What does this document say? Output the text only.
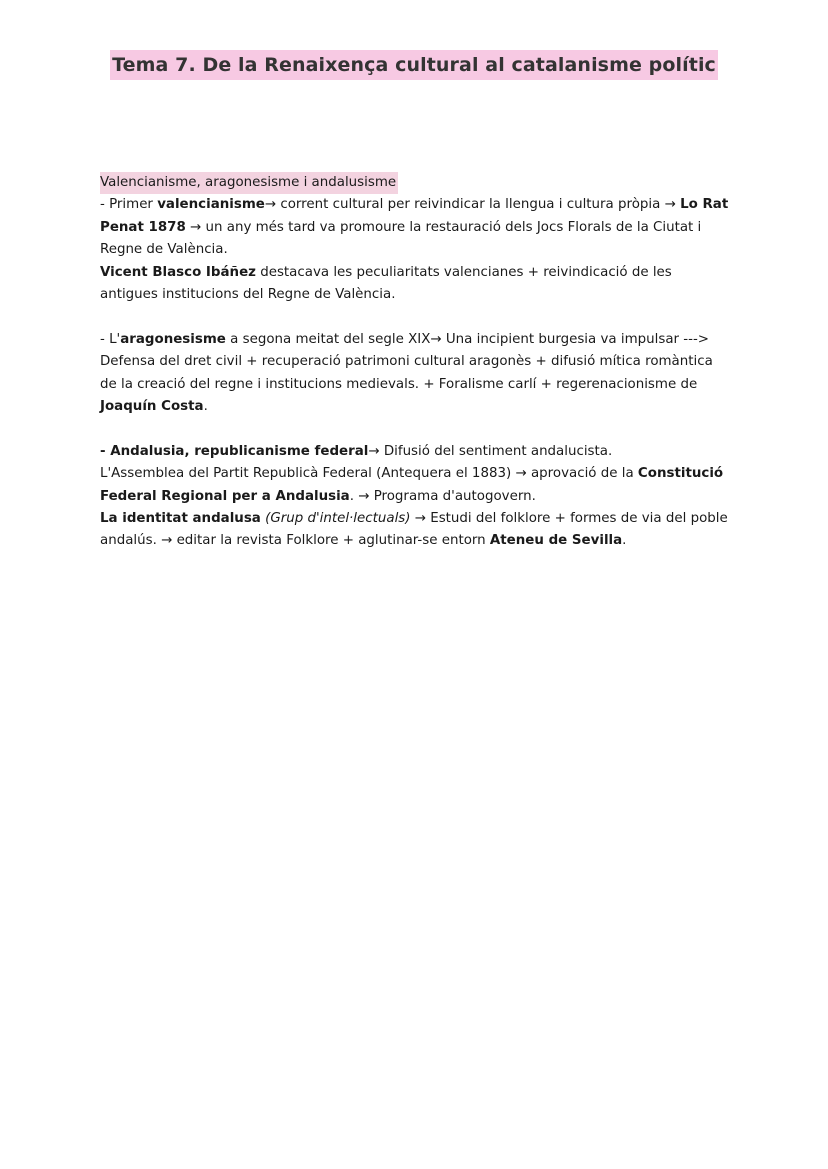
Tema 7. De la Renaixença cultural al catalanisme polític

Valencianisme, aragonesisme i andalusisme

- Primer valencianisme→ corrent cultural per reivindicar la llengua i cultura pròpia → Lo Rat Penat 1878 → un any més tard va promoure la restauració dels Jocs Florals de la Ciutat i Regne de València.

Vicent Blasco Ibáñez destacava les peculiaritats valencianes + reivindicació de les antigues institucions del Regne de València.

- L'aragonesisme a segona meitat del segle XIX→ Una incipient burgesia va impulsar ---> Defensa del dret civil + recuperació patrimoni cultural aragonès + difusió mítica romàntica de la creació del regne i institucions medievals. + Foralisme carlí + regerenacionisme de Joaquín Costa.

- Andalusia, republicanisme federal→ Difusió del sentiment andalucista.

L'Assemblea del Partit Republicà Federal (Antequera el 1883) → aprovació de la Constitució Federal Regional per a Andalusia. → Programa d'autogovern.

La identitat andalusa (Grup d'intel·lectuals) → Estudi del folklore + formes de via del poble andalús. → editar la revista Folklore + aglutinar-se entorn Ateneu de Sevilla.
